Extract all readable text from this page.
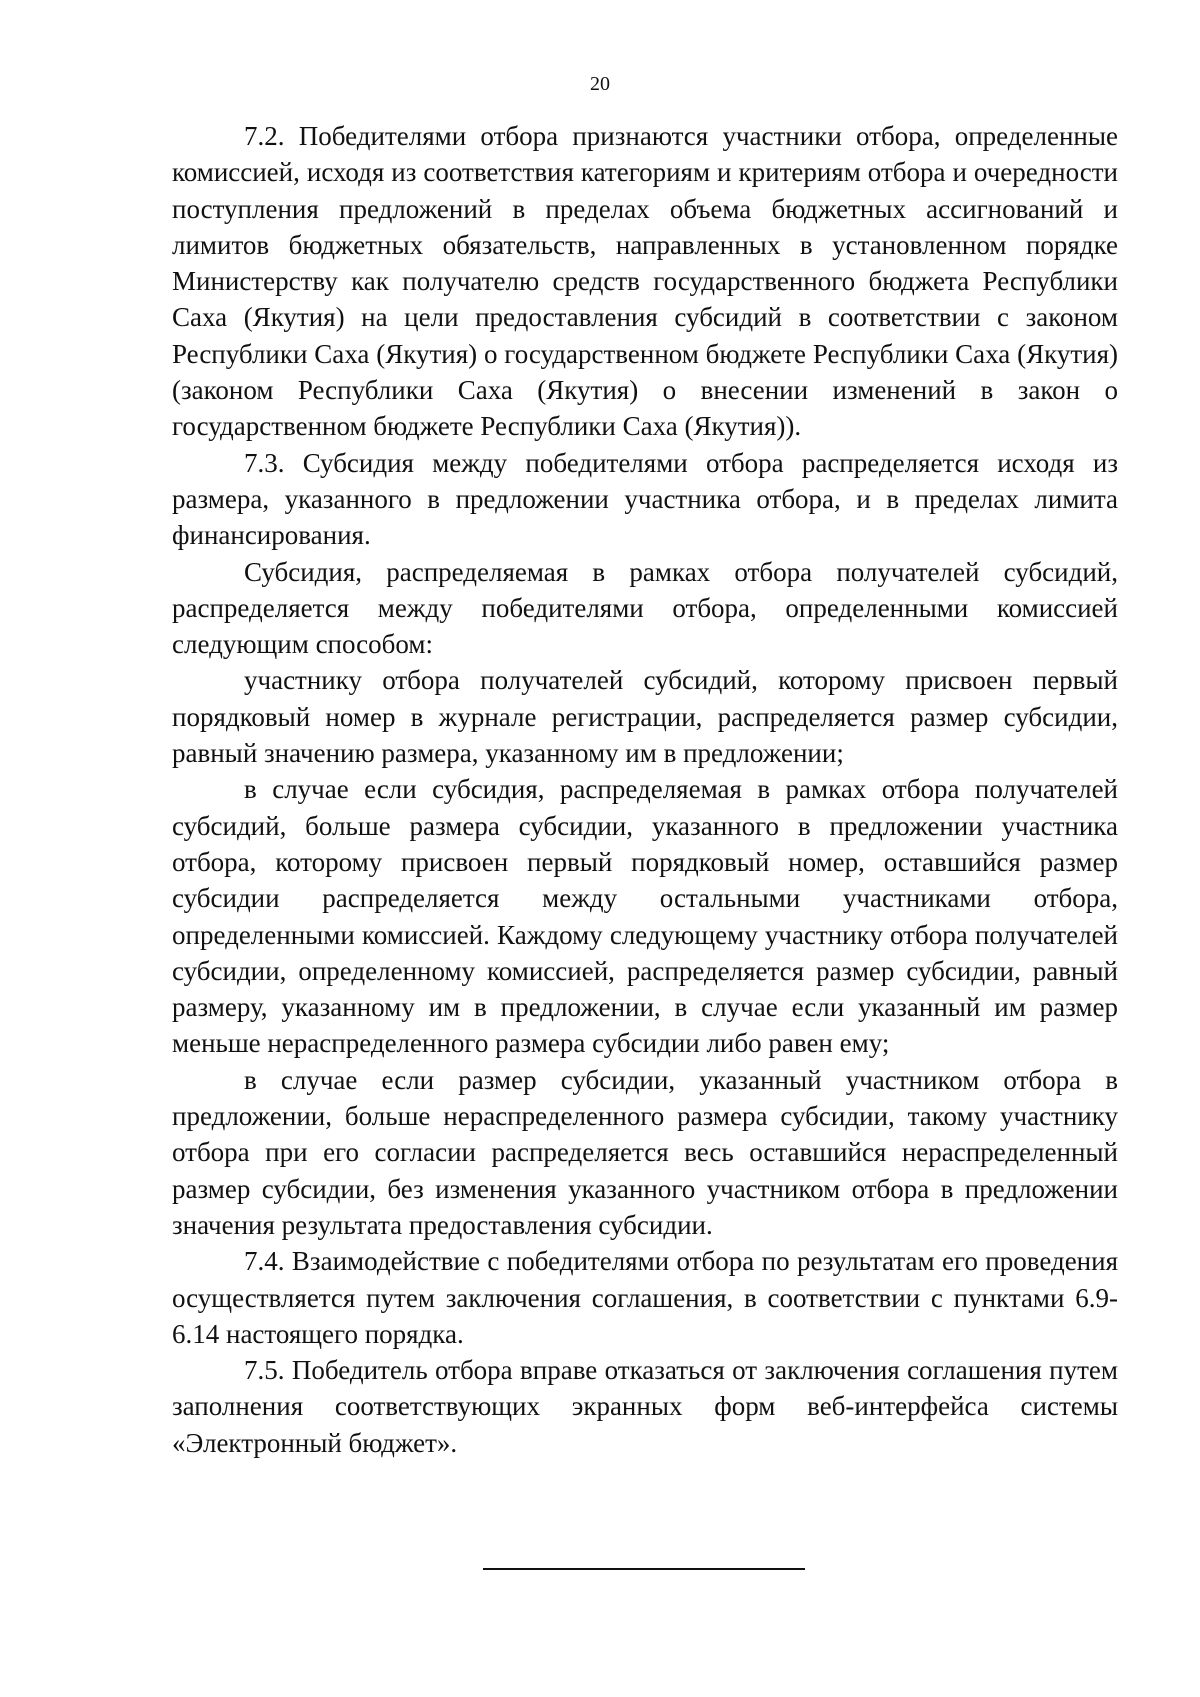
20

7.2. Победителями отбора признаются участники отбора, определенные комиссией, исходя из соответствия категориям и критериям отбора и очередности поступления предложений в пределах объема бюджетных ассигнований и лимитов бюджетных обязательств, направленных в установленном порядке Министерству как получателю средств государственного бюджета Республики Саха (Якутия) на цели предоставления субсидий в соответствии с законом Республики Саха (Якутия) о государственном бюджете Республики Саха (Якутия) (законом Республики Саха (Якутия) о внесении изменений в закон о государственном бюджете Республики Саха (Якутия)).

7.3. Субсидия между победителями отбора распределяется исходя из размера, указанного в предложении участника отбора, и в пределах лимита финансирования.

Субсидия, распределяемая в рамках отбора получателей субсидий, распределяется между победителями отбора, определенными комиссией следующим способом:

участнику отбора получателей субсидий, которому присвоен первый порядковый номер в журнале регистрации, распределяется размер субсидии, равный значению размера, указанному им в предложении;

в случае если субсидия, распределяемая в рамках отбора получателей субсидий, больше размера субсидии, указанного в предложении участника отбора, которому присвоен первый порядковый номер, оставшийся размер субсидии распределяется между остальными участниками отбора, определенными комиссией. Каждому следующему участнику отбора получателей субсидии, определенному комиссией, распределяется размер субсидии, равный размеру, указанному им в предложении, в случае если указанный им размер меньше нераспределенного размера субсидии либо равен ему;

в случае если размер субсидии, указанный участником отбора в предложении, больше нераспределенного размера субсидии, такому участнику отбора при его согласии распределяется весь оставшийся нераспределенный размер субсидии, без изменения указанного участником отбора в предложении значения результата предоставления субсидии.

7.4. Взаимодействие с победителями отбора по результатам его проведения осуществляется путем заключения соглашения, в соответствии с пунктами 6.9-6.14 настоящего порядка.

7.5. Победитель отбора вправе отказаться от заключения соглашения путем заполнения соответствующих экранных форм веб-интерфейса системы «Электронный бюджет».
